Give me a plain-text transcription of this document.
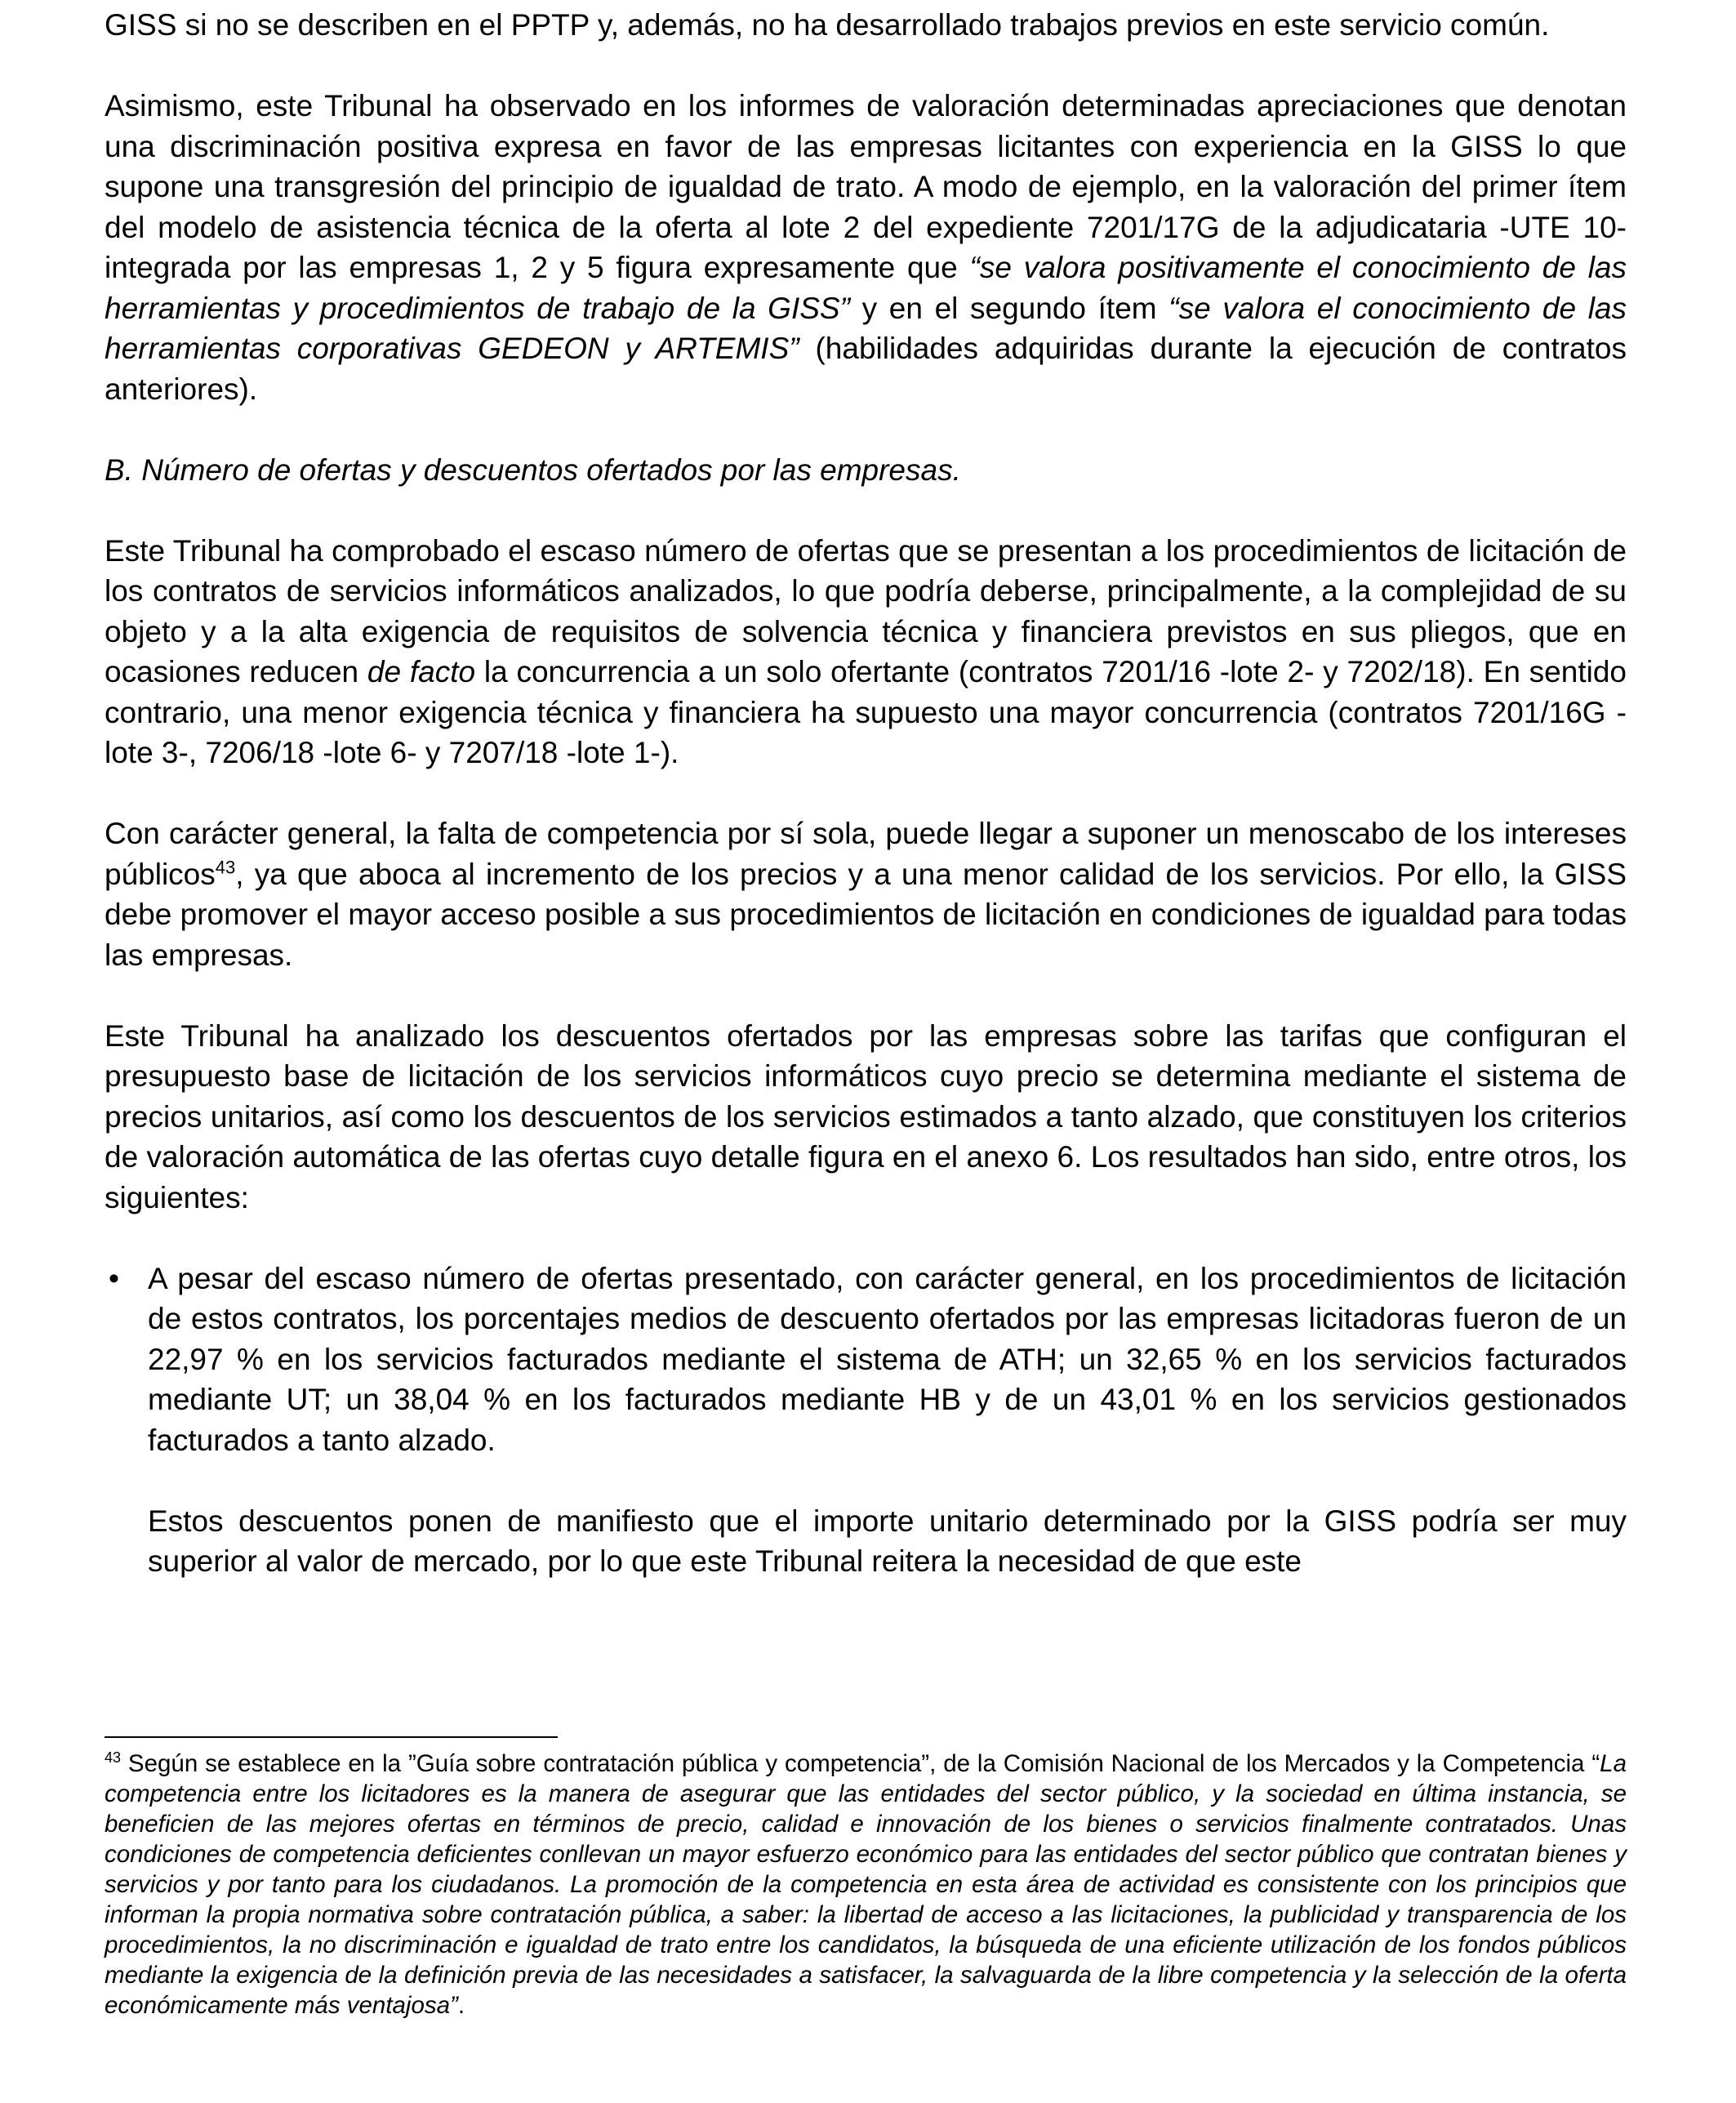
GISS si no se describen en el PPTP y, además, no ha desarrollado trabajos previos en este servicio común.

Asimismo, este Tribunal ha observado en los informes de valoración determinadas apreciaciones que denotan una discriminación positiva expresa en favor de las empresas licitantes con experiencia en la GISS lo que supone una transgresión del principio de igualdad de trato. A modo de ejemplo, en la valoración del primer ítem del modelo de asistencia técnica de la oferta al lote 2 del expediente 7201/17G de la adjudicataria -UTE 10- integrada por las empresas 1, 2 y 5 figura expresamente que “se valora positivamente el conocimiento de las herramientas y procedimientos de trabajo de la GISS” y en el segundo ítem “se valora el conocimiento de las herramientas corporativas GEDEON y ARTEMIS” (habilidades adquiridas durante la ejecución de contratos anteriores).

B. Número de ofertas y descuentos ofertados por las empresas.

Este Tribunal ha comprobado el escaso número de ofertas que se presentan a los procedimientos de licitación de los contratos de servicios informáticos analizados, lo que podría deberse, principalmente, a la complejidad de su objeto y a la alta exigencia de requisitos de solvencia técnica y financiera previstos en sus pliegos, que en ocasiones reducen de facto la concurrencia a un solo ofertante (contratos 7201/16 -lote 2- y 7202/18). En sentido contrario, una menor exigencia técnica y financiera ha supuesto una mayor concurrencia (contratos 7201/16G -lote 3-, 7206/18 -lote 6- y 7207/18 -lote 1-).

Con carácter general, la falta de competencia por sí sola, puede llegar a suponer un menoscabo de los intereses públicos$^{43}$, ya que aboca al incremento de los precios y a una menor calidad de los servicios. Por ello, la GISS debe promover el mayor acceso posible a sus procedimientos de licitación en condiciones de igualdad para todas las empresas.

Este Tribunal ha analizado los descuentos ofertados por las empresas sobre las tarifas que configuran el presupuesto base de licitación de los servicios informáticos cuyo precio se determina mediante el sistema de precios unitarios, así como los descuentos de los servicios estimados a tanto alzado, que constituyen los criterios de valoración automática de las ofertas cuyo detalle figura en el anexo 6. Los resultados han sido, entre otros, los siguientes:

• A pesar del escaso número de ofertas presentado, con carácter general, en los procedimientos de licitación de estos contratos, los porcentajes medios de descuento ofertados por las empresas licitadoras fueron de un 22,97 % en los servicios facturados mediante el sistema de ATH; un 32,65 % en los servicios facturados mediante UT; un 38,04 % en los facturados mediante HB y de un 43,01 % en los servicios gestionados facturados a tanto alzado.

Estos descuentos ponen de manifiesto que el importe unitario determinado por la GISS podría ser muy superior al valor de mercado, por lo que este Tribunal reitera la necesidad de que este

$^{43}$ Según se establece en la ”Guía sobre contratación pública y competencia”, de la Comisión Nacional de los Mercados y la Competencia “La competencia entre los licitadores es la manera de asegurar que las entidades del sector público, y la sociedad en última instancia, se beneficien de las mejores ofertas en términos de precio, calidad e innovación de los bienes o servicios finalmente contratados. Unas condiciones de competencia deficientes conllevan un mayor esfuerzo económico para las entidades del sector público que contratan bienes y servicios y por tanto para los ciudadanos. La promoción de la competencia en esta área de actividad es consistente con los principios que informan la propia normativa sobre contratación pública, a saber: la libertad de acceso a las licitaciones, la publicidad y transparencia de los procedimientos, la no discriminación e igualdad de trato entre los candidatos, la búsqueda de una eficiente utilización de los fondos públicos mediante la exigencia de la definición previa de las necesidades a satisfacer, la salvaguarda de la libre competencia y la selección de la oferta económicamente más ventajosa”.
